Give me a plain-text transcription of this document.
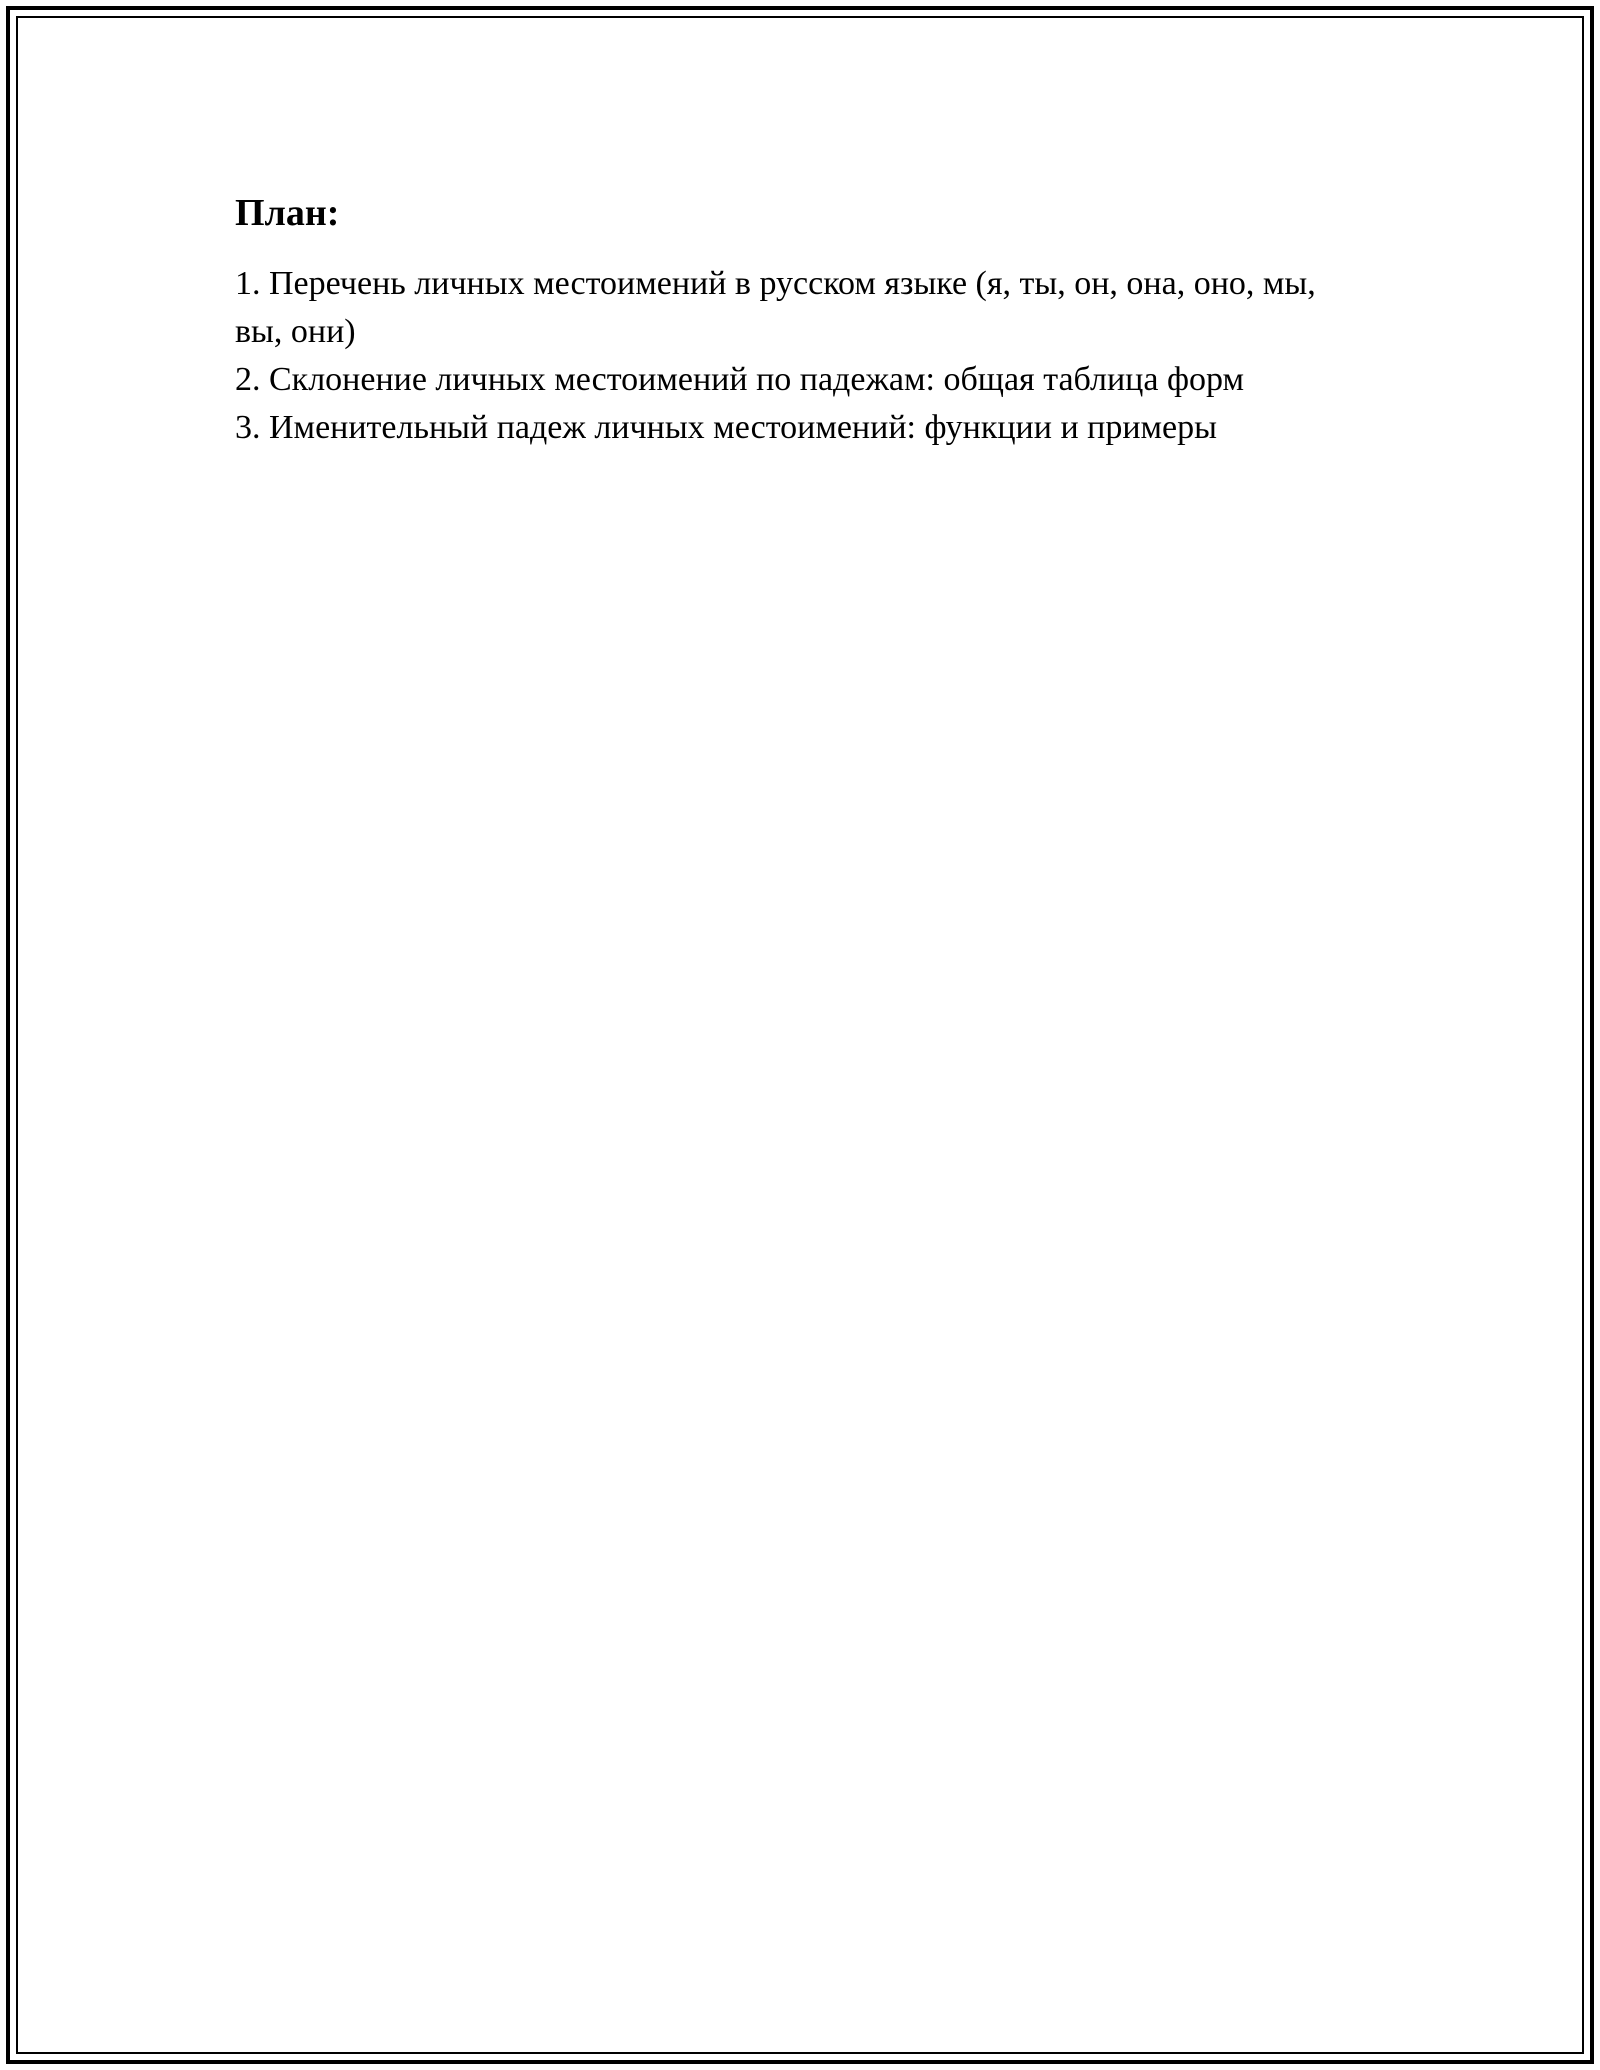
План:
1. Перечень личных местоимений в русском языке (я, ты, он, она, оно, мы, вы, они)
2. Склонение личных местоимений по падежам: общая таблица форм
3. Именительный падеж личных местоимений: функции и примеры
